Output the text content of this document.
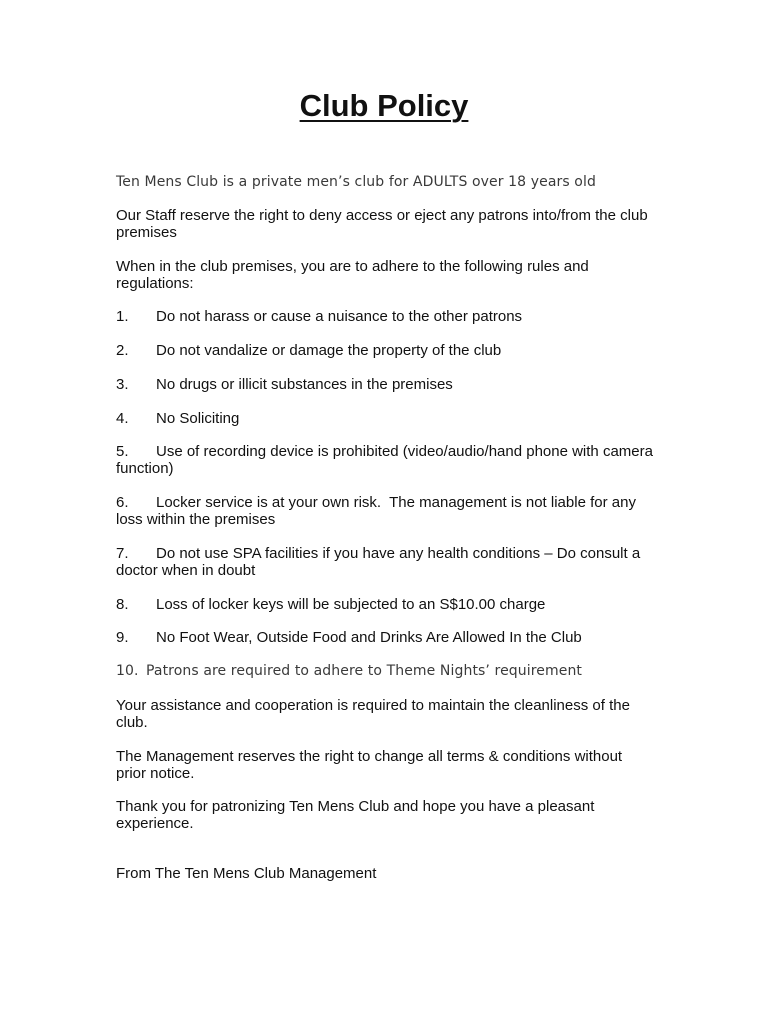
Club Policy

Ten Mens Club is a private men’s club for ADULTS over 18 years old

Our Staff reserve the right to deny access or eject any patrons into/from the club premises

When in the club premises, you are to adhere to the following rules and regulations:

1. Do not harass or cause a nuisance to the other patrons
2. Do not vandalize or damage the property of the club
3. No drugs or illicit substances in the premises
4. No Soliciting
5. Use of recording device is prohibited (video/audio/hand phone with camera function)
6. Locker service is at your own risk.  The management is not liable for any loss within the premises
7. Do not use SPA facilities if you have any health conditions – Do consult a doctor when in doubt
8. Loss of locker keys will be subjected to an S$10.00 charge
9. No Foot Wear, Outside Food and Drinks Are Allowed In the Club
10. Patrons are required to adhere to Theme Nights’ requirement

Your assistance and cooperation is required to maintain the cleanliness of the club.

The Management reserves the right to change all terms & conditions without prior notice.

Thank you for patronizing Ten Mens Club and hope you have a pleasant experience.

From The Ten Mens Club Management
